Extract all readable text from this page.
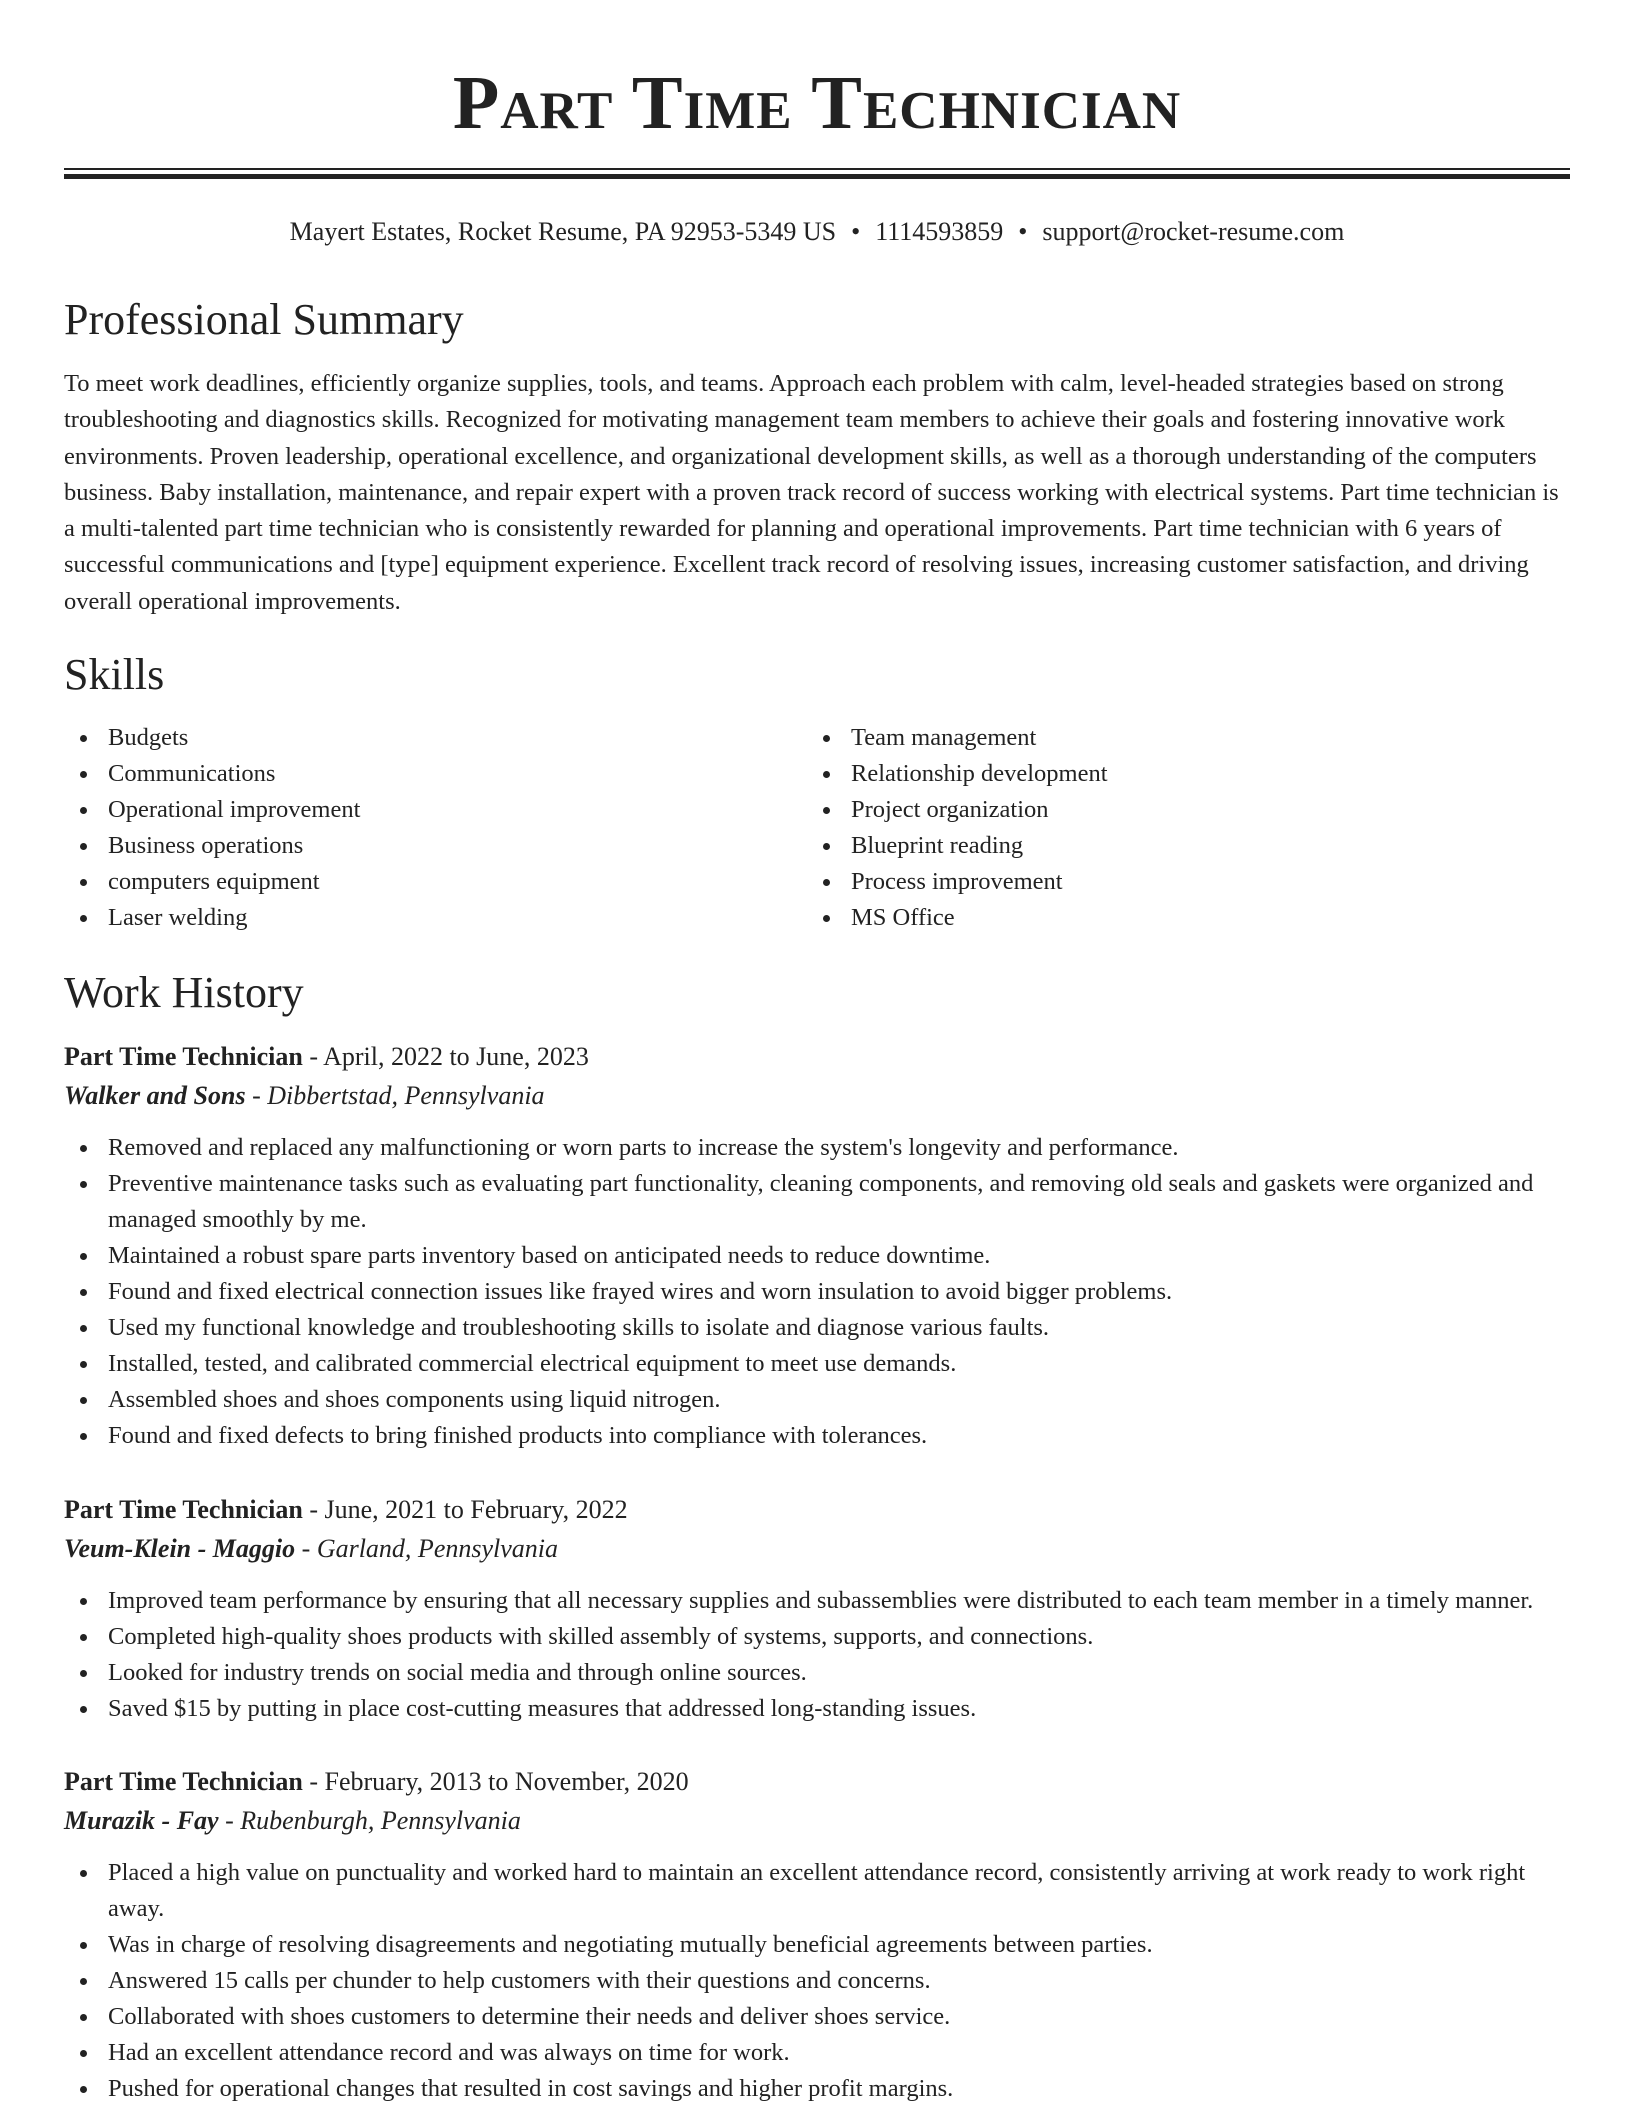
Part Time Technician
Mayert Estates, Rocket Resume, PA 92953-5349 US • 1114593859 • support@rocket-resume.com
Professional Summary

To meet work deadlines, efficiently organize supplies, tools, and teams. Approach each problem with calm, level-headed strategies based on strong troubleshooting and diagnostics skills. Recognized for motivating management team members to achieve their goals and fostering innovative work environments. Proven leadership, operational excellence, and organizational development skills, as well as a thorough understanding of the computers business. Baby installation, maintenance, and repair expert with a proven track record of success working with electrical systems. Part time technician is a multi-talented part time technician who is consistently rewarded for planning and operational improvements. Part time technician with 6 years of successful communications and [type] equipment experience. Excellent track record of resolving issues, increasing customer satisfaction, and driving overall operational improvements.

Skills
Budgets
Communications
Operational improvement
Business operations
computers equipment
Laser welding
Team management
Relationship development
Project organization
Blueprint reading
Process improvement
MS Office
Work History

Part Time Technician - April, 2022 to June, 2023

Walker and Sons - Dibbertstad, Pennsylvania

Removed and replaced any malfunctioning or worn parts to increase the system's longevity and performance.
Preventive maintenance tasks such as evaluating part functionality, cleaning components, and removing old seals and gaskets were organized and managed smoothly by me.
Maintained a robust spare parts inventory based on anticipated needs to reduce downtime.
Found and fixed electrical connection issues like frayed wires and worn insulation to avoid bigger problems.
Used my functional knowledge and troubleshooting skills to isolate and diagnose various faults.
Installed, tested, and calibrated commercial electrical equipment to meet use demands.
Assembled shoes and shoes components using liquid nitrogen.
Found and fixed defects to bring finished products into compliance with tolerances.

Part Time Technician - June, 2021 to February, 2022

Veum-Klein - Maggio - Garland, Pennsylvania

Improved team performance by ensuring that all necessary supplies and subassemblies were distributed to each team member in a timely manner.
Completed high-quality shoes products with skilled assembly of systems, supports, and connections.
Looked for industry trends on social media and through online sources.
Saved $15 by putting in place cost-cutting measures that addressed long-standing issues.

Part Time Technician - February, 2013 to November, 2020

Murazik - Fay - Rubenburgh, Pennsylvania

Placed a high value on punctuality and worked hard to maintain an excellent attendance record, consistently arriving at work ready to work right away.
Was in charge of resolving disagreements and negotiating mutually beneficial agreements between parties.
Answered 15 calls per chunder to help customers with their questions and concerns.
Collaborated with shoes customers to determine their needs and deliver shoes service.
Had an excellent attendance record and was always on time for work.
Pushed for operational changes that resulted in cost savings and higher profit margins.
